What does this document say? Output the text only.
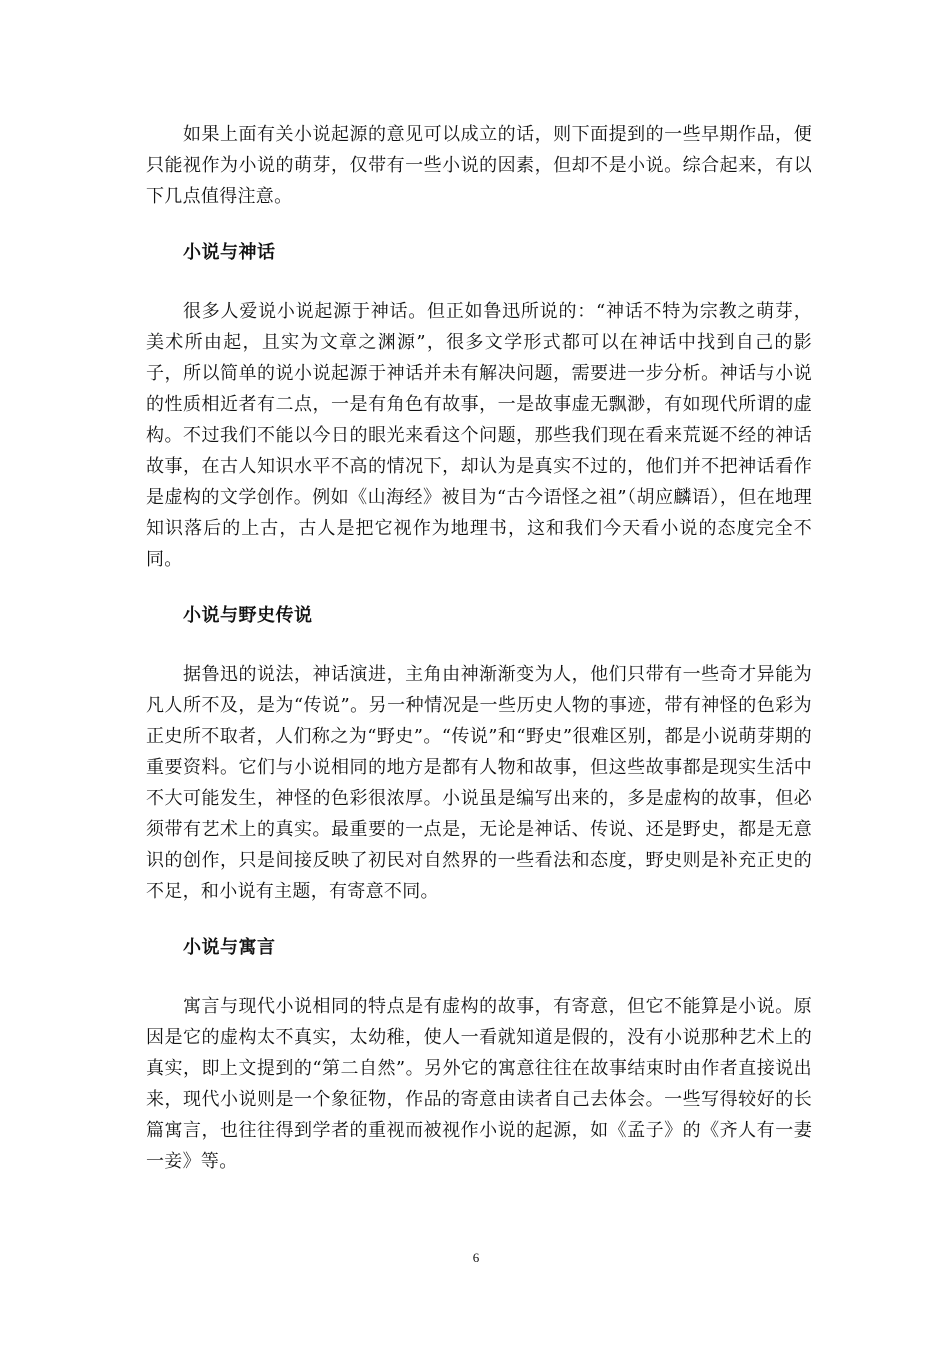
如果上面有关小说起源的意见可以成立的话，则下面提到的一些早期作品，便只能视作为小说的萌芽，仅带有一些小说的因素，但却不是小说。综合起来，有以下几点值得注意。

小说与神话

很多人爱说小说起源于神话。但正如鲁迅所说的：“神话不特为宗教之萌芽，美术所由起，且实为文章之渊源”，很多文学形式都可以在神话中找到自己的影子，所以简单的说小说起源于神话并未有解决问题，需要进一步分析。神话与小说的性质相近者有二点，一是有角色有故事，一是故事虚无飘渺，有如现代所谓的虚构。不过我们不能以今日的眼光来看这个问题，那些我们现在看来荒诞不经的神话故事，在古人知识水平不高的情况下，却认为是真实不过的，他们并不把神话看作是虚构的文学创作。例如《山海经》被目为“古今语怪之祖”（胡应麟语），但在地理知识落后的上古，古人是把它视作为地理书，这和我们今天看小说的态度完全不同。

小说与野史传说

据鲁迅的说法，神话演进，主角由神渐渐变为人，他们只带有一些奇才异能为凡人所不及，是为“传说”。另一种情况是一些历史人物的事迹，带有神怪的色彩为正史所不取者，人们称之为“野史”。“传说”和“野史”很难区别，都是小说萌芽期的重要资料。它们与小说相同的地方是都有人物和故事，但这些故事都是现实生活中不大可能发生，神怪的色彩很浓厚。小说虽是编写出来的，多是虚构的故事，但必须带有艺术上的真实。最重要的一点是，无论是神话、传说、还是野史，都是无意识的创作，只是间接反映了初民对自然界的一些看法和态度，野史则是补充正史的不足，和小说有主题，有寄意不同。

小说与寓言

寓言与现代小说相同的特点是有虚构的故事，有寄意，但它不能算是小说。原因是它的虚构太不真实，太幼稚，使人一看就知道是假的，没有小说那种艺术上的真实，即上文提到的“第二自然”。另外它的寓意往往在故事结束时由作者直接说出来，现代小说则是一个象征物，作品的寄意由读者自己去体会。一些写得较好的长篇寓言，也往往得到学者的重视而被视作小说的起源，如《孟子》的《齐人有一妻一妾》等。

6
